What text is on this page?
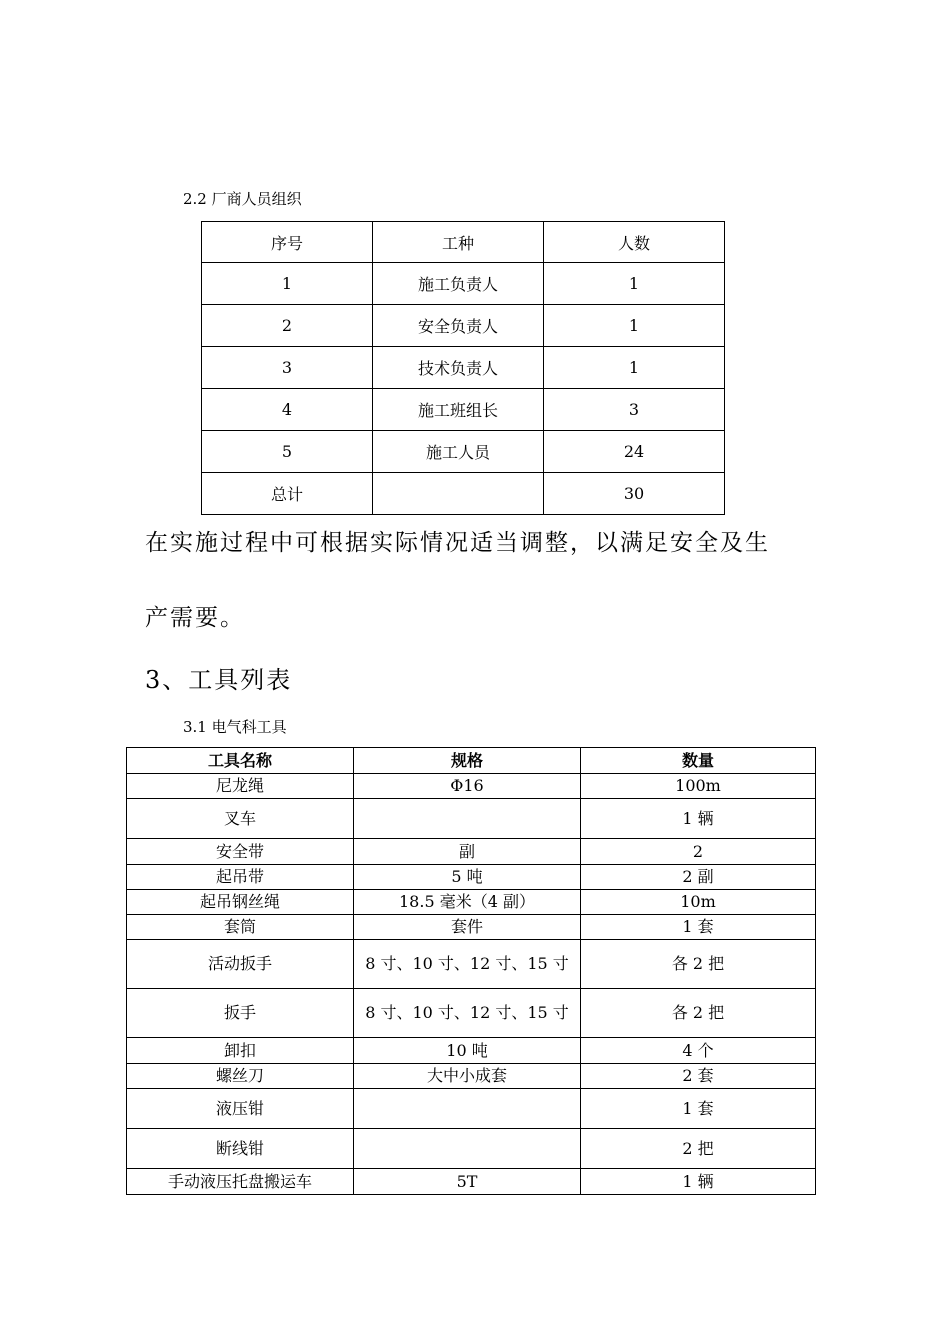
2.2 厂商人员组织
序号	工种	人数
1	施工负责人	1
2	安全负责人	1
3	技术负责人	1
4	施工班组长	3
5	施工人员	24
总计		30
在实施过程中可根据实际情况适当调整，以满足安全及生
产需要。
3、工具列表
3.1 电气科工具
工具名称	规格	数量
尼龙绳	Φ16	100m
叉车		1 辆
安全带	副	2
起吊带	5 吨	2 副
起吊钢丝绳	18.5 毫米（4 副）	10m
套筒	套件	1 套
活动扳手	8 寸、10 寸、12 寸、15 寸	各 2 把
扳手	8 寸、10 寸、12 寸、15 寸	各 2 把
卸扣	10 吨	4 个
螺丝刀	大中小成套	2 套
液压钳		1 套
断线钳		2 把
手动液压托盘搬运车	5T	1 辆
